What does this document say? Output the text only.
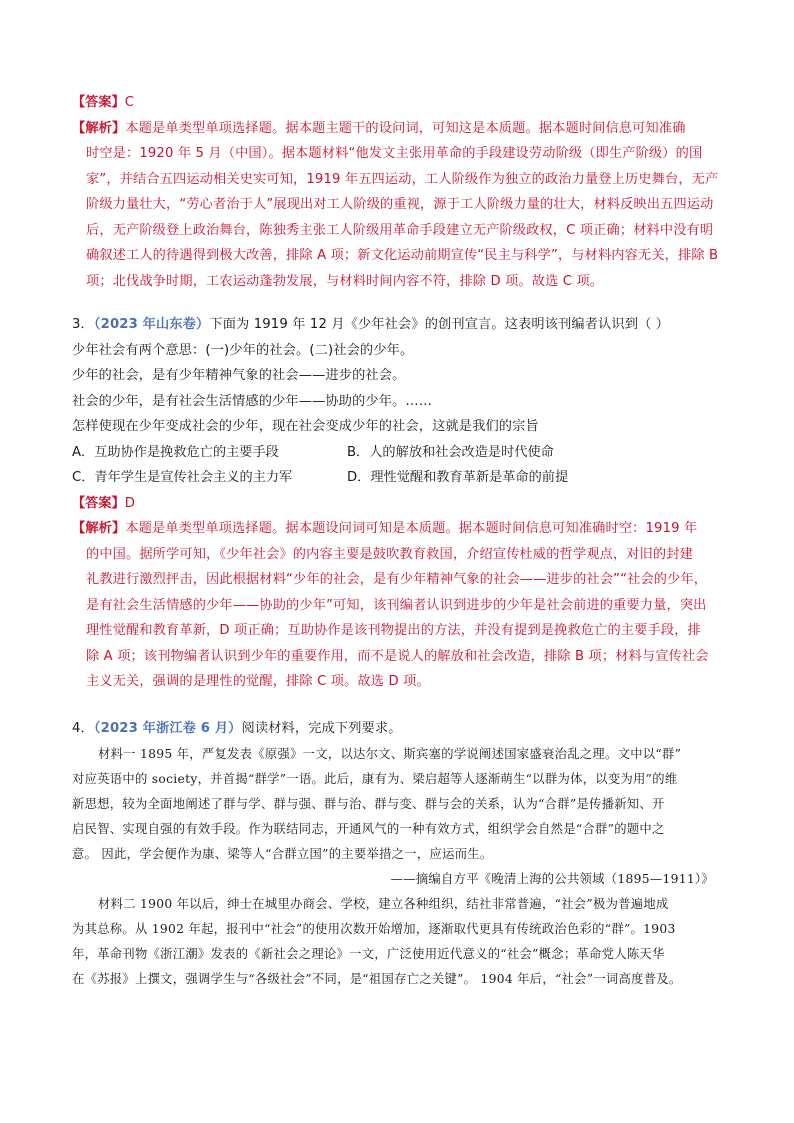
【答案】C
【解析】本题是单类型单项选择题。据本题主题干的设问词，可知这是本质题。据本题时间信息可知准确
时空是：1920 年 5 月（中国）。据本题材料“他发文主张用革命的手段建设劳动阶级（即生产阶级）的国
家”，并结合五四运动相关史实可知，1919 年五四运动，工人阶级作为独立的政治力量登上历史舞台，无产
阶级力量壮大，“劳心者治于人”展现出对工人阶级的重视，源于工人阶级力量的壮大，材料反映出五四运动
后，无产阶级登上政治舞台，陈独秀主张工人阶级用革命手段建立无产阶级政权，C 项正确；材料中没有明
确叙述工人的待遇得到极大改善，排除 A 项；新文化运动前期宣传“民主与科学”，与材料内容无关，排除 B
项；北伐战争时期，工农运动蓬勃发展，与材料时间内容不符，排除 D 项。故选 C 项。
3．（2023 年山东卷）下面为 1919 年 12 月《少年社会》的创刊宣言。这表明该刊编者认识到（ ）
少年社会有两个意思：(一)少年的社会。(二)社会的少年。
少年的社会，是有少年精神气象的社会——进步的社会。
社会的少年，是有社会生活情感的少年——协助的少年。……
怎样使现在少年变成社会的少年，现在社会变成少年的社会，这就是我们的宗旨
A．互助协作是挽救危亡的主要手段	B．人的解放和社会改造是时代使命
C．青年学生是宣传社会主义的主力军	D．理性觉醒和教育革新是革命的前提
【答案】D
【解析】本题是单类型单项选择题。据本题设问词可知是本质题。据本题时间信息可知准确时空：1919 年
的中国。据所学可知，《少年社会》的内容主要是鼓吹教育救国，介绍宣传杜威的哲学观点，对旧的封建
礼教进行激烈抨击，因此根据材料“少年的社会，是有少年精神气象的社会——进步的社会”“社会的少年，
是有社会生活情感的少年——协助的少年”可知，该刊编者认识到进步的少年是社会前进的重要力量，突出
理性觉醒和教育革新，D 项正确；互助协作是该刊物提出的方法，并没有提到是挽救危亡的主要手段，排
除 A 项；该刊物编者认识到少年的重要作用，而不是说人的解放和社会改造，排除 B 项；材料与宣传社会
主义无关，强调的是理性的觉醒，排除 C 项。故选 D 项。
4．（2023 年浙江卷 6 月）阅读材料，完成下列要求。
材料一 1895 年，严复发表《原强》一文，以达尔文、斯宾塞的学说阐述国家盛衰治乱之理。文中以“群”
对应英语中的 society，并首揭“群学”一语。此后，康有为、梁启超等人逐渐萌生“以群为体，以变为用”的维
新思想，较为全面地阐述了群与学、群与强、群与治、群与变、群与会的关系，认为“合群”是传播新知、开
启民智、实现自强的有效手段。作为联结同志，开通风气的一种有效方式，组织学会自然是“合群”的题中之
意。 因此，学会便作为康、梁等人“合群立国”的主要举措之一，应运而生。
——摘编自方平《晚清上海的公共领域（1895—1911）》
材料二 1900 年以后，绅士在城里办商会、学校，建立各种组织，结社非常普遍，“社会”极为普遍地成
为其总称。从 1902 年起，报刊中“社会”的使用次数开始增加，逐渐取代更具有传统政治色彩的“群”。1903
年，革命刊物《浙江潮》发表的《新社会之理论》一文，广泛使用近代意义的“社会”概念；革命党人陈天华
在《苏报》上撰文，强调学生与“各级社会”不同，是“祖国存亡之关键”。 1904 年后，“社会”一词高度普及。
